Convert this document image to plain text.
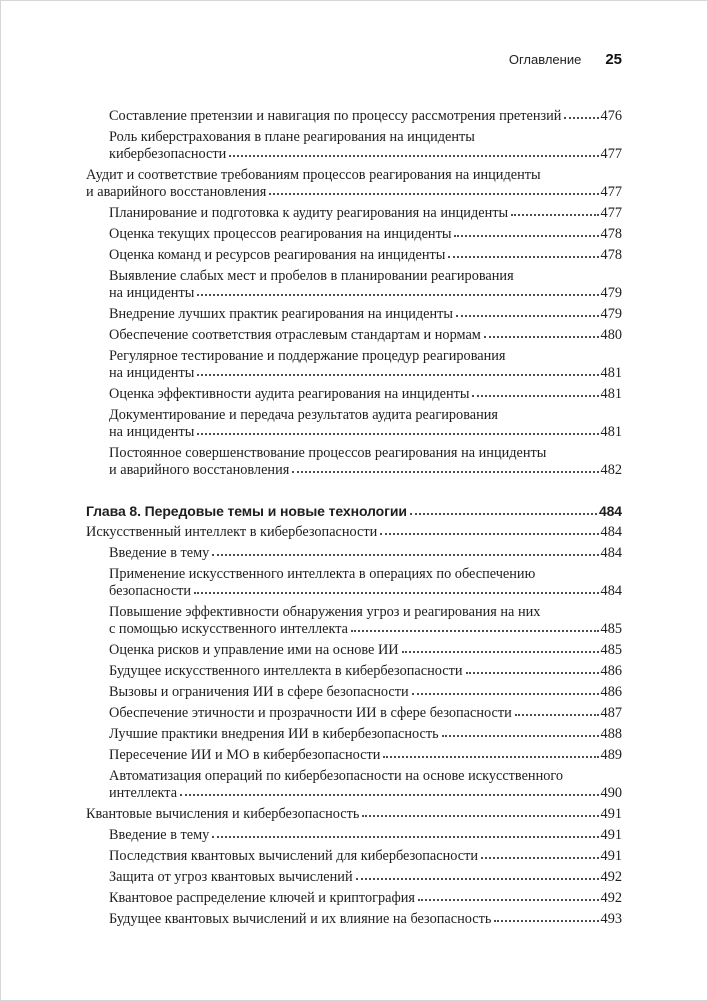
Оглавление 25
Составление претензии и навигация по процессу рассмотрения претензий	476
Роль киберстрахования в плане реагирования на инциденты
кибербезопасности	477
Аудит и соответствие требованиям процессов реагирования на инциденты
и аварийного восстановления	477
Планирование и подготовка к аудиту реагирования на инциденты	477
Оценка текущих процессов реагирования на инциденты	478
Оценка команд и ресурсов реагирования на инциденты	478
Выявление слабых мест и пробелов в планировании реагирования
на инциденты	479
Внедрение лучших практик реагирования на инциденты	479
Обеспечение соответствия отраслевым стандартам и нормам	480
Регулярное тестирование и поддержание процедур реагирования
на инциденты	481
Оценка эффективности аудита реагирования на инциденты	481
Документирование и передача результатов аудита реагирования
на инциденты	481
Постоянное совершенствование процессов реагирования на инциденты
и аварийного восстановления	482
Глава 8. Передовые темы и новые технологии	484
Искусственный интеллект в кибербезопасности	484
Введение в тему	484
Применение искусственного интеллекта в операциях по обеспечению
безопасности	484
Повышение эффективности обнаружения угроз и реагирования на них
с помощью искусственного интеллекта	485
Оценка рисков и управление ими на основе ИИ	485
Будущее искусственного интеллекта в кибербезопасности	486
Вызовы и ограничения ИИ в сфере безопасности	486
Обеспечение этичности и прозрачности ИИ в сфере безопасности	487
Лучшие практики внедрения ИИ в кибербезопасность	488
Пересечение ИИ и МО в кибербезопасности	489
Автоматизация операций по кибербезопасности на основе искусственного
интеллекта	490
Квантовые вычисления и кибербезопасность	491
Введение в тему	491
Последствия квантовых вычислений для кибербезопасности	491
Защита от угроз квантовых вычислений	492
Квантовое распределение ключей и криптография	492
Будущее квантовых вычислений и их влияние на безопасность	493
